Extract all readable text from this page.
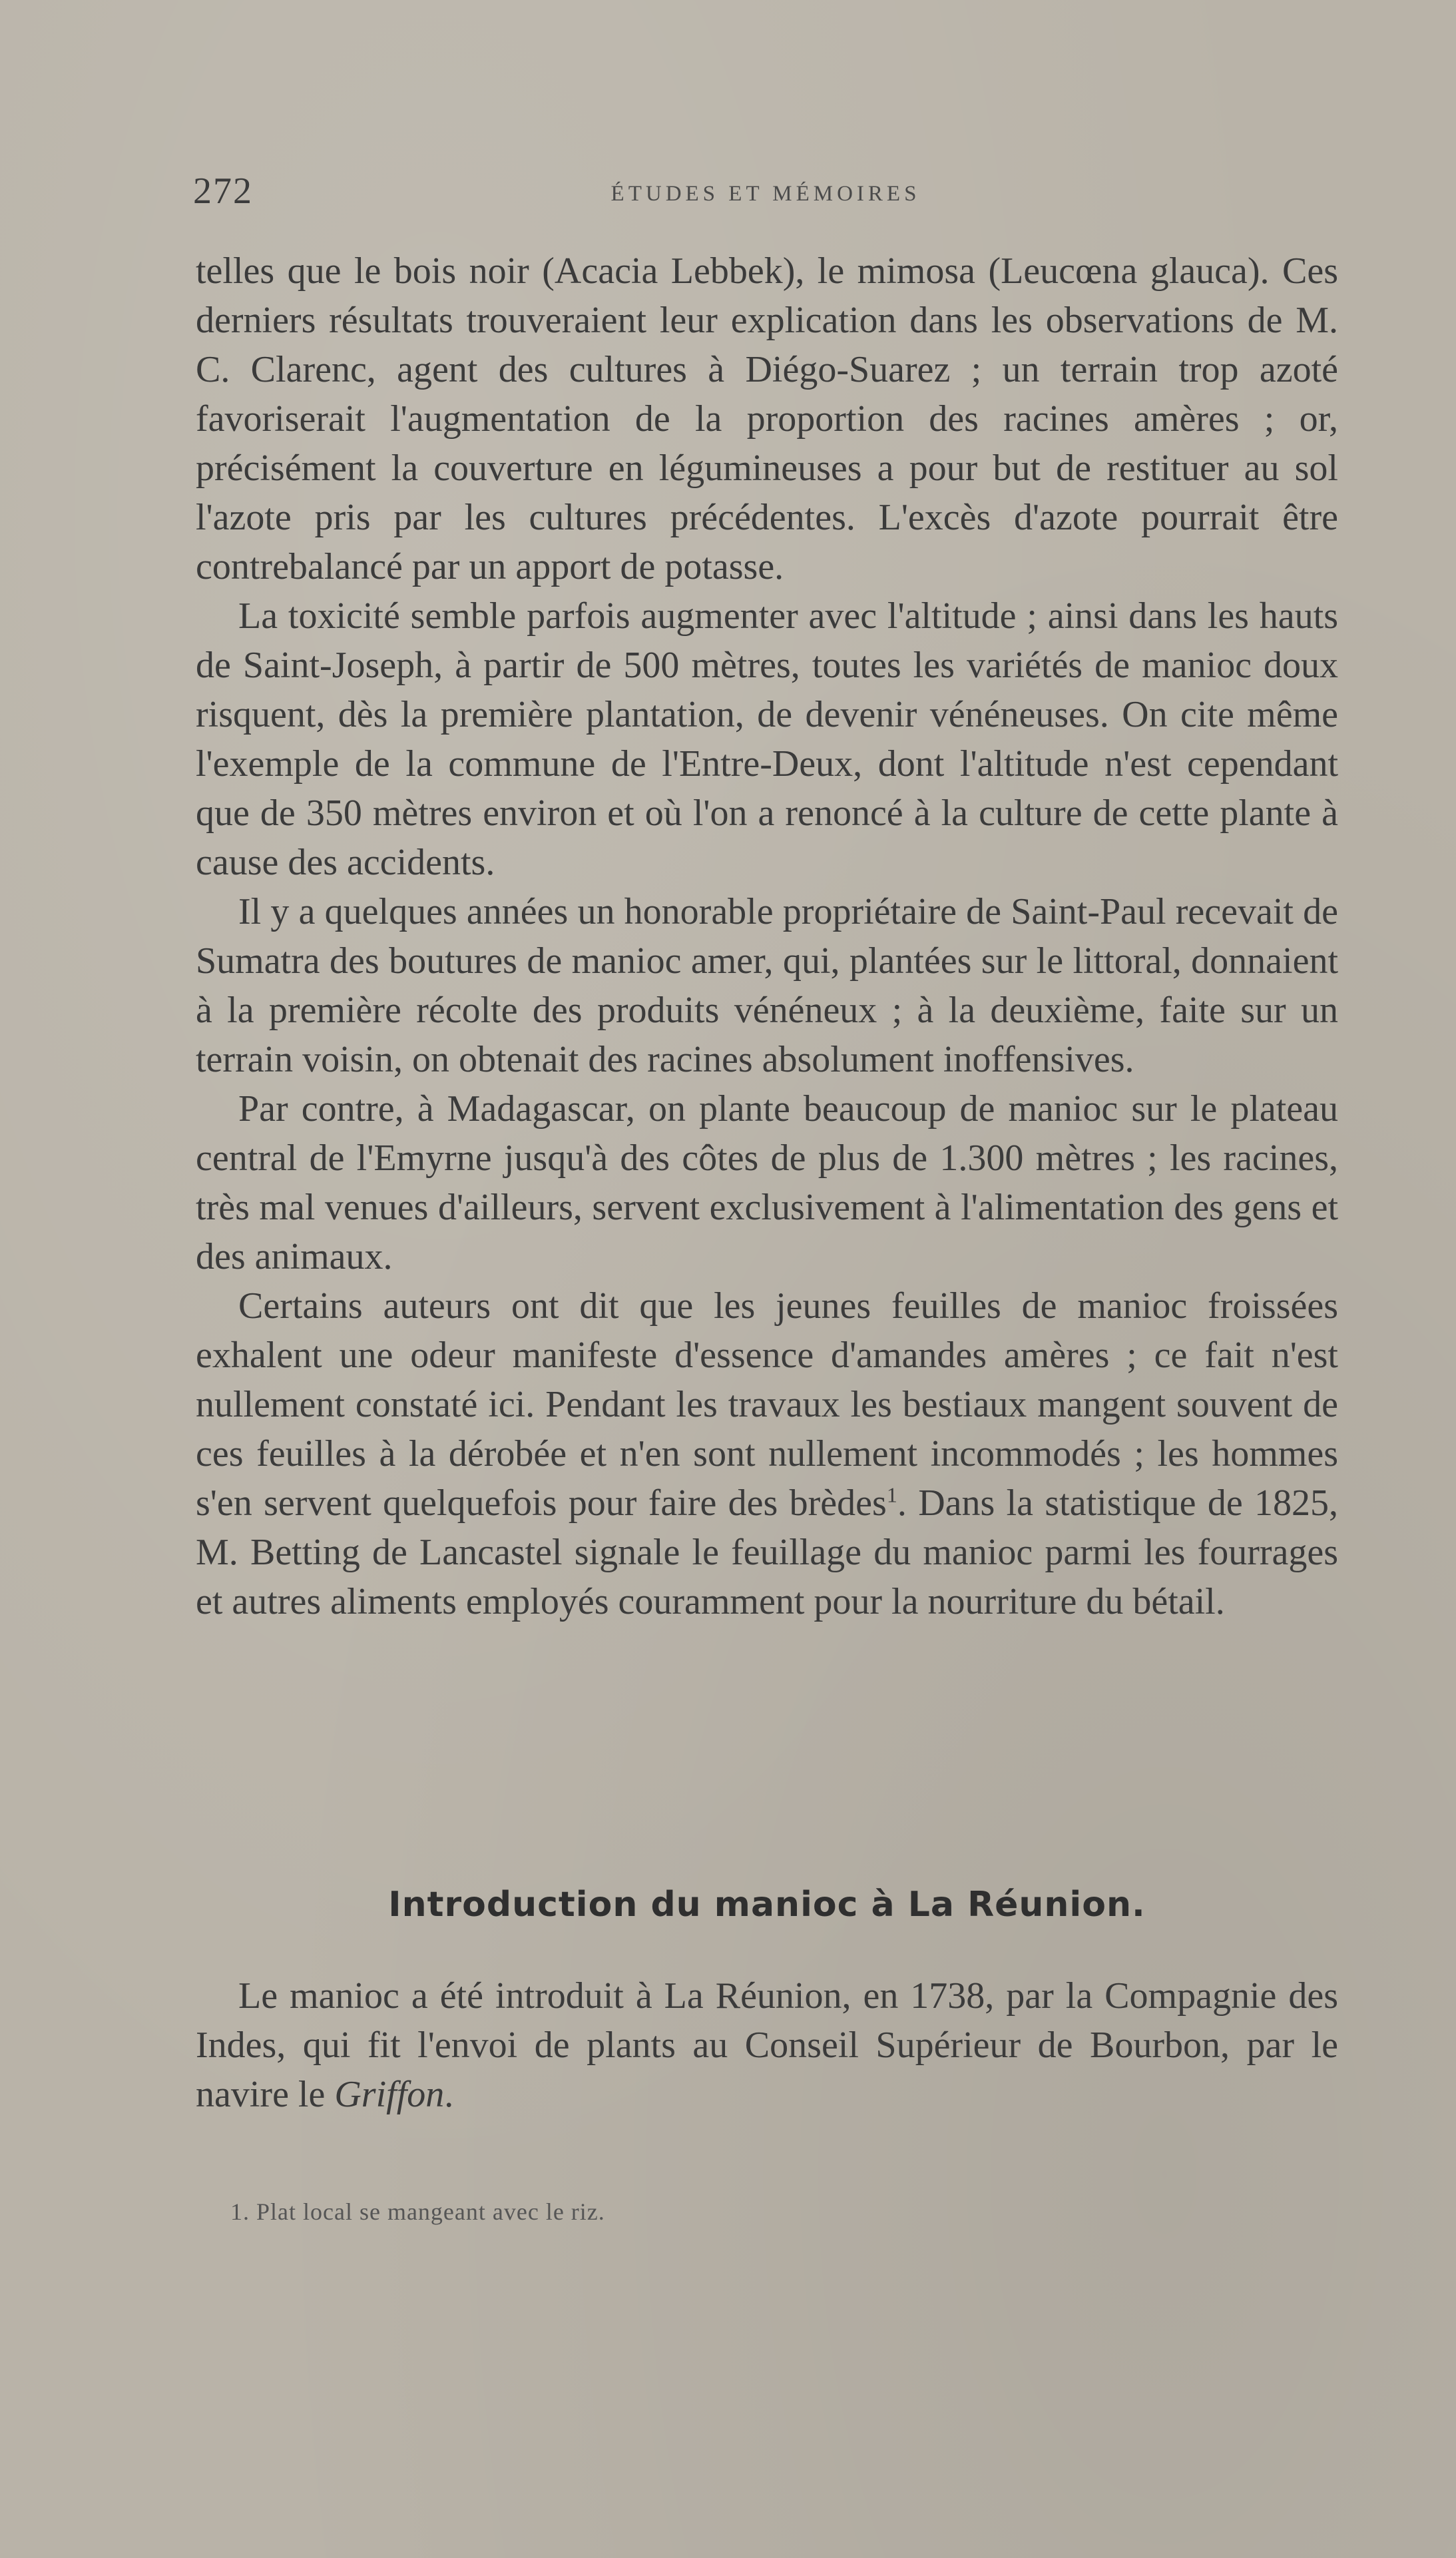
272	ÉTUDES ET MÉMOIRES

telles que le bois noir (Acacia Lebbek), le mimosa (Leucœna glauca). Ces derniers résultats trouveraient leur explication dans les observations de M. C. Clarenc, agent des cultures à Diégo-Suarez ; un terrain trop azoté favoriserait l'augmentation de la proportion des racines amères ; or, précisément la couverture en légumineuses a pour but de restituer au sol l'azote pris par les cultures précédentes. L'excès d'azote pourrait être contrebalancé par un apport de potasse.

La toxicité semble parfois augmenter avec l'altitude ; ainsi dans les hauts de Saint-Joseph, à partir de 500 mètres, toutes les variétés de manioc doux risquent, dès la première plantation, de devenir vénéneuses. On cite même l'exemple de la commune de l'Entre-Deux, dont l'altitude n'est cependant que de 350 mètres environ et où l'on a renoncé à la culture de cette plante à cause des accidents.

Il y a quelques années un honorable propriétaire de Saint-Paul recevait de Sumatra des boutures de manioc amer, qui, plantées sur le littoral, donnaient à la première récolte des produits vénéneux ; à la deuxième, faite sur un terrain voisin, on obtenait des racines absolument inoffensives.

Par contre, à Madagascar, on plante beaucoup de manioc sur le plateau central de l'Emyrne jusqu'à des côtes de plus de 1.300 mètres ; les racines, très mal venues d'ailleurs, servent exclusivement à l'alimentation des gens et des animaux.

Certains auteurs ont dit que les jeunes feuilles de manioc froissées exhalent une odeur manifeste d'essence d'amandes amères ; ce fait n'est nullement constaté ici. Pendant les travaux les bestiaux mangent souvent de ces feuilles à la dérobée et n'en sont nullement incommodés ; les hommes s'en servent quelquefois pour faire des brèdes$^1$. Dans la statistique de 1825, M. Betting de Lancastel signale le feuillage du manioc parmi les fourrages et autres aliments employés couramment pour la nourriture du bétail.

Introduction du manioc à La Réunion.

Le manioc a été introduit à La Réunion, en 1738, par la Compagnie des Indes, qui fit l'envoi de plants au Conseil Supérieur de Bourbon, par le navire le Griffon.

1. Plat local se mangeant avec le riz.
